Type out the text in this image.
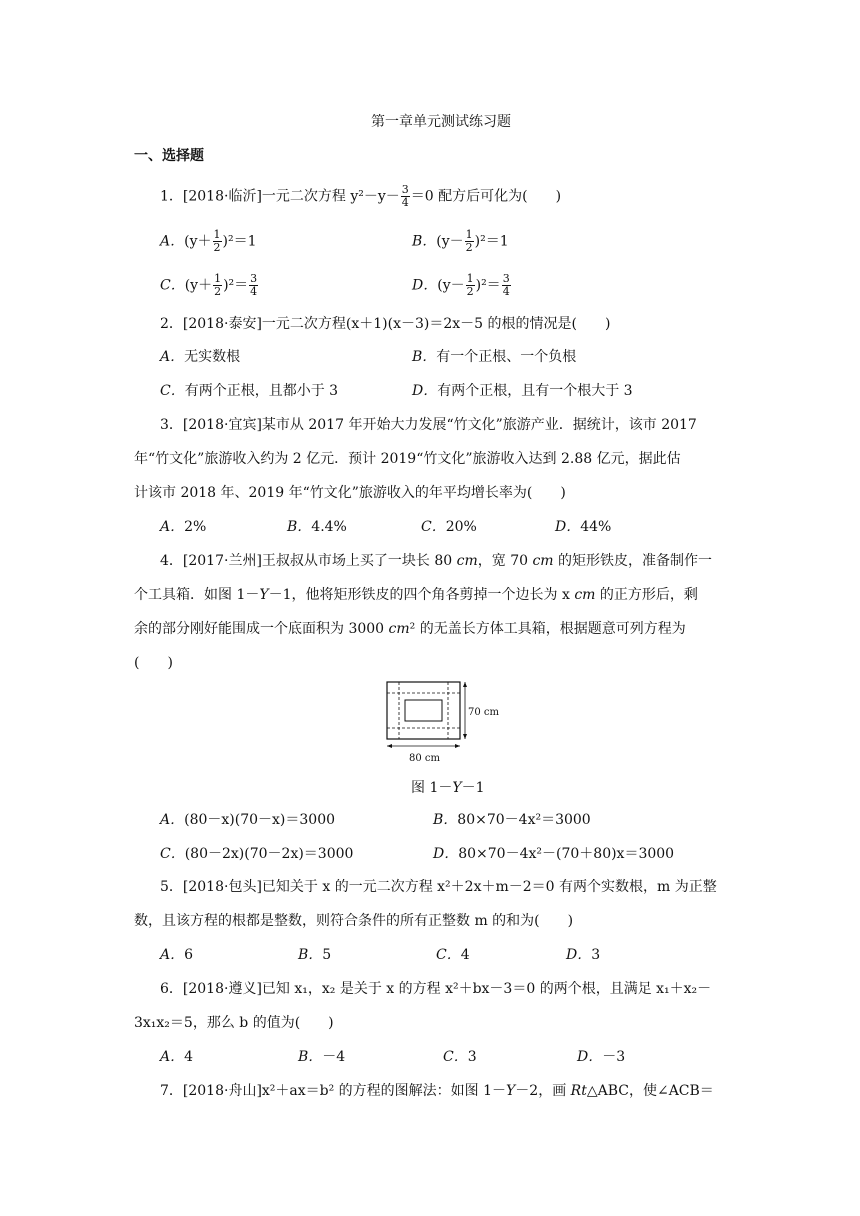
第一章单元测试练习题
一、选择题
1．[2018·临沂]一元二次方程 $y^2-y- \frac{3}{4} =0$ 配方后可化为(　　)
A．$(y+ \frac{1}{2} )^2=1$	B．$(y- \frac{1}{2} )^2=1$
C．$(y+ \frac{1}{2} )^2= \frac{3}{4}$	D．$(y- \frac{1}{2} )^2= \frac{3}{4}$
2．[2018·泰安]一元二次方程(x＋1)(x－3)＝2x－5 的根的情况是(　　)
A．无实数根	B．有一个正根、一个负根
C．有两个正根，且都小于 3	D．有两个正根，且有一个根大于 3
3．[2018·宜宾]某市从 2017 年开始大力发展“竹文化”旅游产业．据统计，该市 2017
年“竹文化”旅游收入约为 2 亿元．预计 2019“竹文化”旅游收入达到 2.88 亿元，据此估
计该市 2018 年、2019 年“竹文化”旅游收入的年平均增长率为(　　)
A．2%	B．4.4%	C．20%	D．44%
4．[2017·兰州]王叔叔从市场上买了一块长 80 cm，宽 70 cm 的矩形铁皮，准备制作一
个工具箱．如图 1－Y－1，他将矩形铁皮的四个角各剪掉一个边长为 x cm 的正方形后，剩
余的部分刚好能围成一个底面积为 3000 cm² 的无盖长方体工具箱，根据题意可列方程为
(　　)
70 cm
80 cm
图 1－Y－1
A．(80－x)(70－x)＝3000	B．80×70－4x²＝3000
C．(80－2x)(70－2x)＝3000	D．80×70－4x²－(70＋80)x＝3000
5．[2018·包头]已知关于 x 的一元二次方程 x²＋2x＋m－2＝0 有两个实数根，m 为正整
数，且该方程的根都是整数，则符合条件的所有正整数 m 的和为(　　)
A．6	B．5	C．4	D．3
6．[2018·遵义]已知 x₁，x₂ 是关于 x 的方程 x²＋bx－3＝0 的两个根，且满足 x₁＋x₂－
3x₁x₂＝5，那么 b 的值为(　　)
A．4	B．－4	C．3	D．－3
7．[2018·舟山]x²＋ax＝b² 的方程的图解法：如图 1－Y－2，画 Rt△ABC，使∠ACB＝
